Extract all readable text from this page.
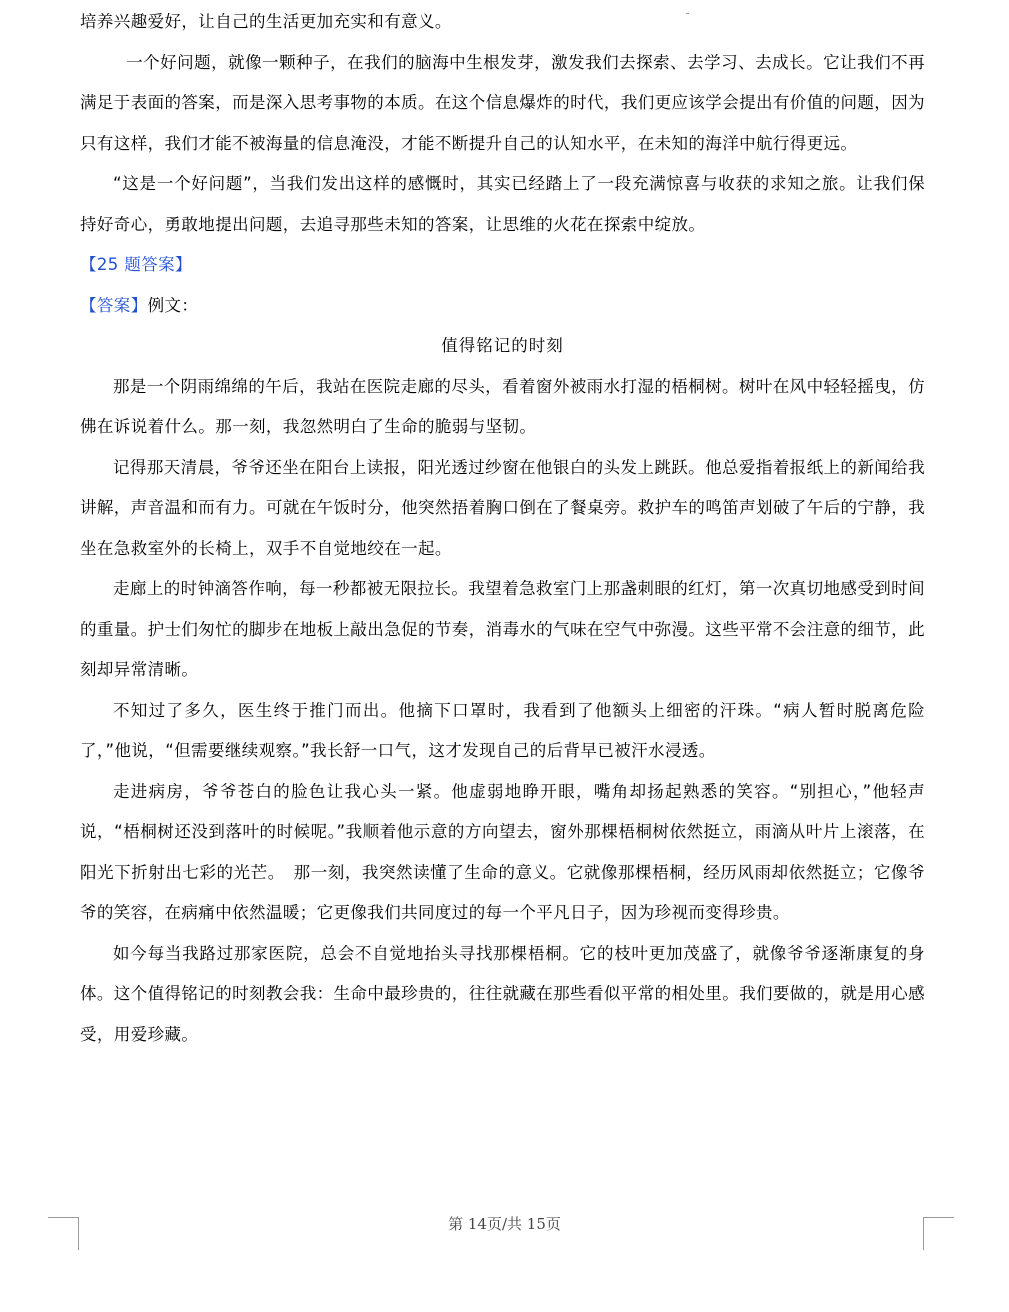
培养兴趣爱好，让自己的生活更加充实和有意义。

一个好问题，就像一颗种子，在我们的脑海中生根发芽，激发我们去探索、去学习、去成长。它让我们不再满足于表面的答案，而是深入思考事物的本质。在这个信息爆炸的时代，我们更应该学会提出有价值的问题，因为只有这样，我们才能不被海量的信息淹没，才能不断提升自己的认知水平，在未知的海洋中航行得更远。

“这是一个好问题”，当我们发出这样的感慨时，其实已经踏上了一段充满惊喜与收获的求知之旅。让我们保持好奇心，勇敢地提出问题，去追寻那些未知的答案，让思维的火花在探索中绽放。

【25 题答案】

【答案】例文：

值得铭记的时刻

那是一个阴雨绵绵的午后，我站在医院走廊的尽头，看着窗外被雨水打湿的梧桐树。树叶在风中轻轻摇曳，仿佛在诉说着什么。那一刻，我忽然明白了生命的脆弱与坚韧。

记得那天清晨，爷爷还坐在阳台上读报，阳光透过纱窗在他银白的头发上跳跃。他总爱指着报纸上的新闻给我讲解，声音温和而有力。可就在午饭时分，他突然捂着胸口倒在了餐桌旁。救护车的鸣笛声划破了午后的宁静，我坐在急救室外的长椅上，双手不自觉地绞在一起。

走廊上的时钟滴答作响，每一秒都被无限拉长。我望着急救室门上那盏刺眼的红灯，第一次真切地感受到时间的重量。护士们匆忙的脚步在地板上敲出急促的节奏，消毒水的气味在空气中弥漫。这些平常不会注意的细节，此刻却异常清晰。

不知过了多久，医生终于推门而出。他摘下口罩时，我看到了他额头上细密的汗珠。“病人暂时脱离危险了，”他说，“但需要继续观察。”我长舒一口气，这才发现自己的后背早已被汗水浸透。

走进病房，爷爷苍白的脸色让我心头一紧。他虚弱地睁开眼，嘴角却扬起熟悉的笑容。“别担心，”他轻声说，“梧桐树还没到落叶的时候呢。”我顺着他示意的方向望去，窗外那棵梧桐树依然挺立，雨滴从叶片上滚落，在阳光下折射出七彩的光芒。　那一刻，我突然读懂了生命的意义。它就像那棵梧桐，经历风雨却依然挺立；它像爷爷的笑容，在病痛中依然温暖；它更像我们共同度过的每一个平凡日子，因为珍视而变得珍贵。

如今每当我路过那家医院，总会不自觉地抬头寻找那棵梧桐。它的枝叶更加茂盛了，就像爷爷逐渐康复的身体。这个值得铭记的时刻教会我：生命中最珍贵的，往往就藏在那些看似平常的相处里。我们要做的，就是用心感受，用爱珍藏。

第 14页/共 15页
